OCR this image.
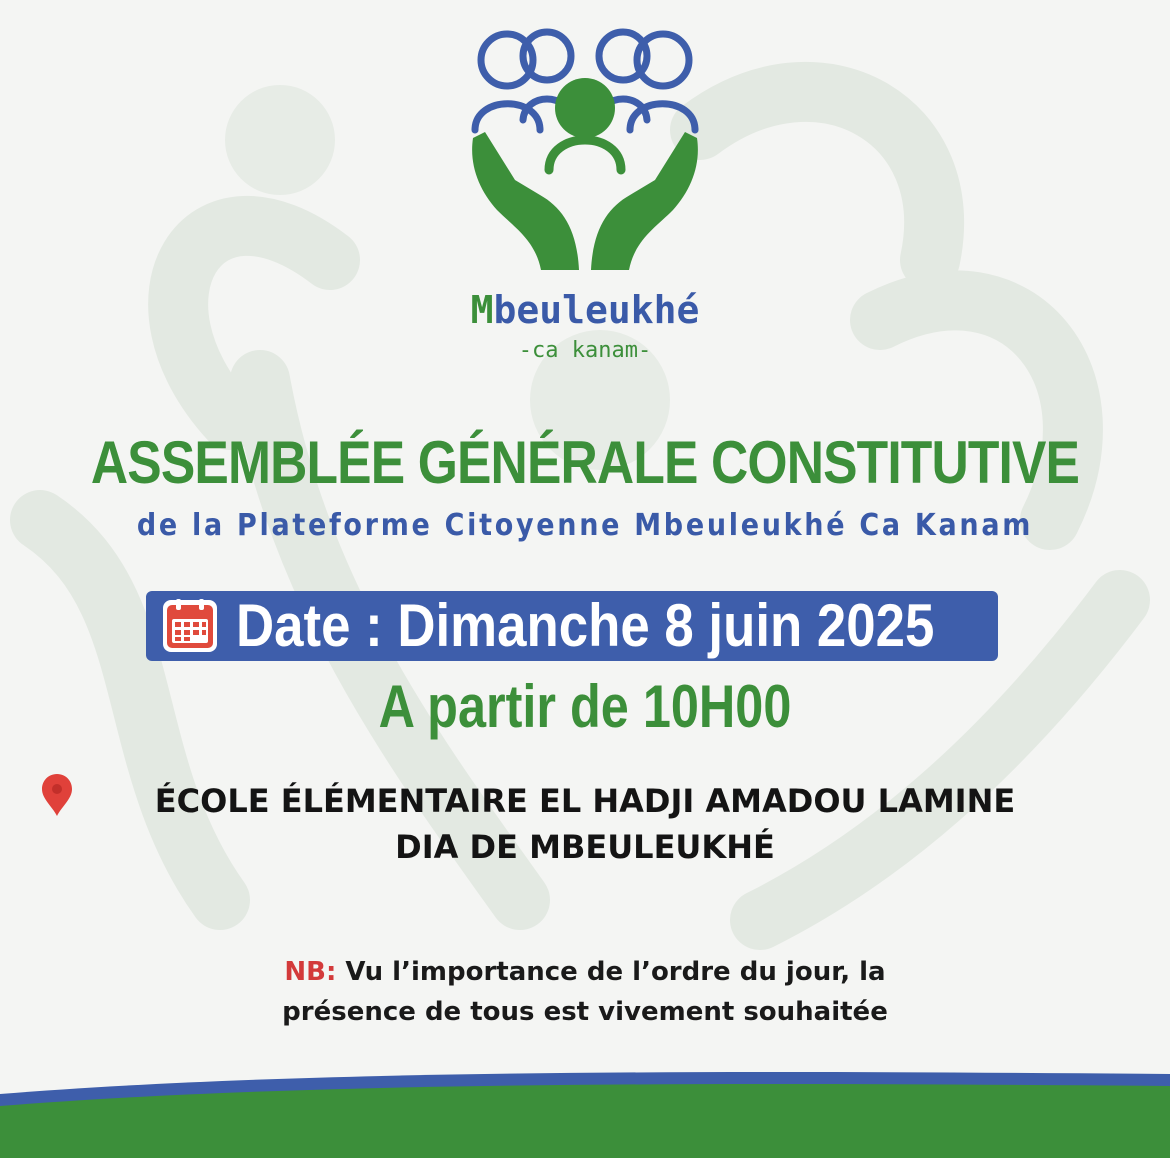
Mbeuleukhé
-ca kanam-
ASSEMBLÉE GÉNÉRALE CONSTITUTIVE
de la Plateforme Citoyenne Mbeuleukhé Ca Kanam
Date : Dimanche 8 juin 2025
A partir de 10H00
ÉCOLE ÉLÉMENTAIRE EL HADJI AMADOU LAMINE
DIA DE MBEULEUKHÉ
NB: Vu l’importance de l’ordre du jour, la
présence de tous est vivement souhaitée
